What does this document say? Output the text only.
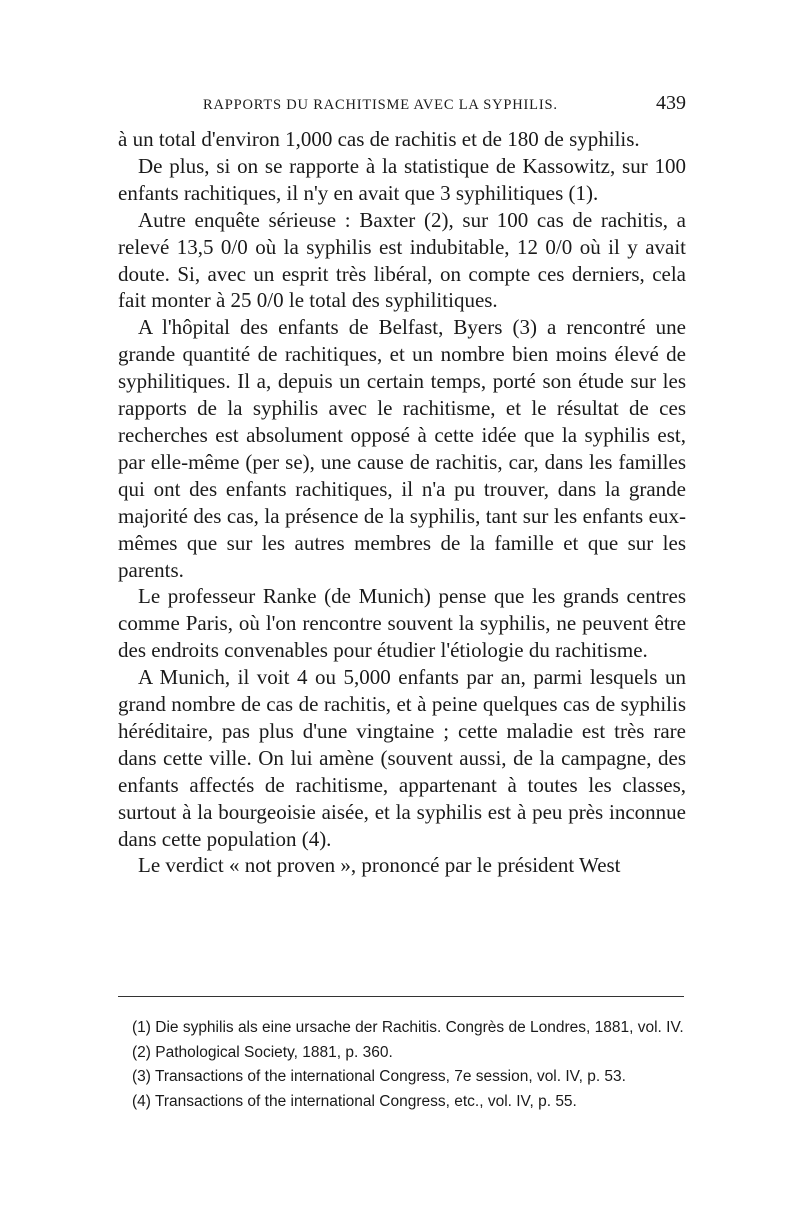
RAPPORTS DU RACHITISME AVEC LA SYPHILIS.	439

à un total d'environ 1,000 cas de rachitis et de 180 de syphilis.

De plus, si on se rapporte à la statistique de Kassowitz, sur 100 enfants rachitiques, il n'y en avait que 3 syphilitiques (1).

Autre enquête sérieuse : Baxter (2), sur 100 cas de rachitis, a relevé 13,5 0/0 où la syphilis est indubitable, 12 0/0 où il y avait doute. Si, avec un esprit très libéral, on compte ces derniers, cela fait monter à 25 0/0 le total des syphilitiques.

A l'hôpital des enfants de Belfast, Byers (3) a rencontré une grande quantité de rachitiques, et un nombre bien moins élevé de syphilitiques. Il a, depuis un certain temps, porté son étude sur les rapports de la syphilis avec le rachitisme, et le résultat de ces recherches est absolument opposé à cette idée que la syphilis est, par elle-même (per se), une cause de rachitis, car, dans les familles qui ont des enfants rachitiques, il n'a pu trouver, dans la grande majorité des cas, la présence de la syphilis, tant sur les enfants eux-mêmes que sur les autres membres de la famille et que sur les parents.

Le professeur Ranke (de Munich) pense que les grands centres comme Paris, où l'on rencontre souvent la syphilis, ne peuvent être des endroits convenables pour étudier l'étiologie du rachitisme.

A Munich, il voit 4 ou 5,000 enfants par an, parmi lesquels un grand nombre de cas de rachitis, et à peine quelques cas de syphilis héréditaire, pas plus d'une vingtaine ; cette maladie est très rare dans cette ville. On lui amène (souvent aussi, de la campagne, des enfants affectés de rachitisme, appartenant à toutes les classes, surtout à la bourgeoisie aisée, et la syphilis est à peu près inconnue dans cette population (4).

Le verdict « not proven », prononcé par le président West

(1) Die syphilis als eine ursache der Rachitis. Congrès de Londres, 1881, vol. IV.

(2) Pathological Society, 1881, p. 360.

(3) Transactions of the international Congress, 7e session, vol. IV, p. 53.

(4) Transactions of the international Congress, etc., vol. IV, p. 55.
